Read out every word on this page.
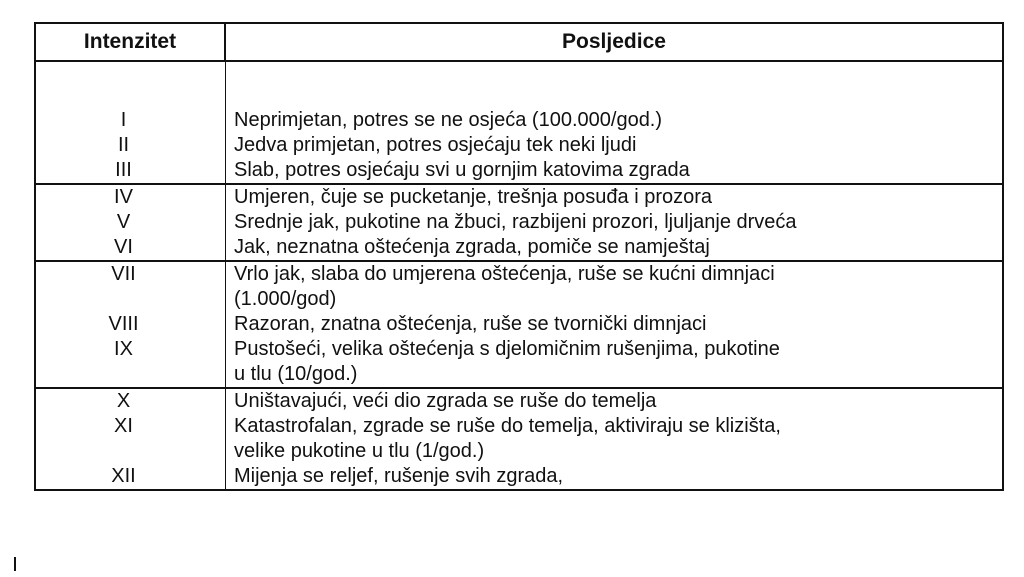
Intenzitet	Posljedice
I	Neprimjetan, potres se ne osjeća (100.000/god.)
II	Jedva primjetan, potres osjećaju tek neki ljudi
III	Slab, potres osjećaju svi u gornjim katovima zgrada
IV	Umjeren, čuje se pucketanje, trešnja posuđa i prozora
V	Srednje jak, pukotine na žbuci, razbijeni prozori, ljuljanje drveća
VI	Jak, neznatna oštećenja zgrada, pomiče se namještaj
VII	Vrlo jak, slaba do umjerena oštećenja, ruše se kućni dimnjaci
(1.000/god)
VIII	Razoran, znatna oštećenja, ruše se tvornički dimnjaci
IX	Pustošeći, velika oštećenja s djelomičnim rušenjima, pukotine
u tlu (10/god.)
X	Uništavajući, veći dio zgrada se ruše do temelja
XI	Katastrofalan, zgrade se ruše do temelja, aktiviraju se klizišta,
velike pukotine u tlu (1/god.)
XII	Mijenja se reljef, rušenje svih zgrada,
